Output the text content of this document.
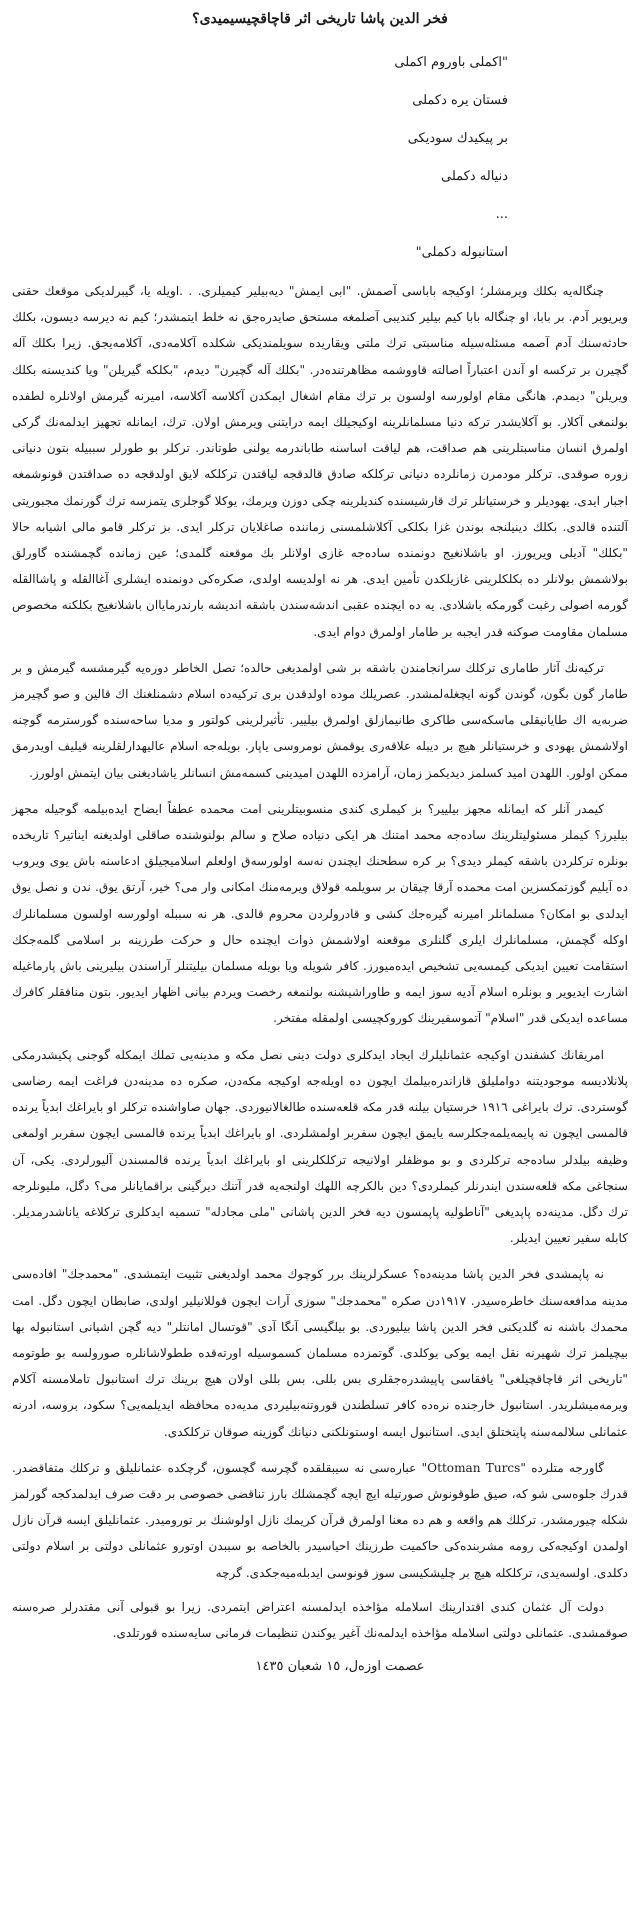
فخر الدين پاشا تاريخى اثر قاچاقچيسيميدى؟
"اكملى باوروم اكملى
فستان يره دكملى
بر پيكيدك سوديكى
دنياله دكملى
...
استانبوله دكملى"

چنگاله‌يه بكلك ويرمشلر؛ اوكيجه باباسى آصمش. "ابى ايمش" ديه‌بيلير كيميلرى. . .اويله يا، گيبرلديكى موقعك حقنى ويريوير آدم. بر بابا، او چنگاله بابا كيم بيلير كنديبى آصلمغه مستحق صايدره‌جق نه خلط ايتمشدر؛ كيم نه ديرسه ديسون، بكلك حادثه‌سنك آدم آصمه مسئله‌سيله مناسبتى ترك ملتى ويقاريده سويلمنديكى شكلده آكلامه‌دى، آكلامه‌يجق. زيرا بكلك آله گچيرن بر تركسه او آندن اعتباراً اصالته قاووشمه مظاهرتنده‌در. "بكلك آله گچيرن" ديدم، "بكلكه گيريلن" ويا كنديسنه بكلك ويريلن" ديمدم. هانگى مقام اولورسه اولسون بر ترك مقام اشغال ايمكدن آكلاسه آكلاسه، اميرنه گيرمش اولانلره لطفده بولنمغى آكلار. بو آكلايشدر تركه دنيا مسلمانلرينه اوكيجيلك ايمه درايتنى ويرمش اولان. ترك، ايمانله تجهيز ايدلمه‌نك گركى اولمرق انسان مناسبتلرينى هم صداقت، هم لياقت اساسنه طاباندرمه يولنى طوتاندر. تركلر بو طورلر سببيله بتون دنيانى زوره صوقدى. تركلر مودمرن زمانلرده دنيانى تركلكه صادق قالدقجه لياقتدن تركلكه لايق اولدقجه ده صداقتدن قونوشمغه اجبار ايدى. يهوديلر و خرستيانلر ترك قارشيسنده كنديلرينه چكى دوزن ويرمك، يوكلا گوجلرى يتمزسه ترك گورنمك مجبوريتى آلتنده قالدى. بكلك دينيلنجه بوندن غزا بكلكى آكلاشلمسنى زماننده صاغلايان تركلر ايدى. بز تركلر قامو مالى اشيابه حالا "بكلك" آديلى ويريورز. او باشلانغيج دونمنده ساده‌جه غازى اولانلر بك موقعنه گلمدى؛ عين زمانده گچمشنده گاورلق بولاشمش بولانلر ده بكلكلرينى غازيلكدن تأمين ايدى. هر نه اولديسه اولدى، صكره‌كى دونمنده ايشلرى آغاالقله و پاشاالقله گورمه اصولى رغبت گورمكه باشلادى. يه ده ايچنده عقبى اندشه‌سندن باشقه انديشه بارندرماياان باشلانغيج بكلكنه مخصوص مسلمان مقاومت صوكنه قدر ايجبه بر طامار اولمرق دوام ايدى.

تركيه‌نك آثار طامارى تركلك سرانجامندن باشقه بر شى اولمديغى حالده؛ تصل الخاطر دوره‌يه گيرمشسه گيرمش و بر طامار گون بگون، گوندن گونه ايچغله‌لمشدر. عصريلك موده اولدقدن برى تركيه‌ده اسلام دشمنلغنك اك قالين و صو گچيرمز ضربه‌يه اك طايانيقلى ماسكه‌سى طاكرى طانيمازلق اولمرق بيليير. تأثيرلرينى كولتور و مديا ساحه‌سنده گورسترمه گوچنه اولاشمش يهودى و خرستيانلر هيچ بر ديبله علاقه‌رى يوقمش نومروسى ياپار. بويله‌جه اسلام عاليهدارلقلرينه قيليف اويدرمق ممكن اولور. اللهدن اميد كسلمز ديديكمز زمان، آرامزده اللهدن اميدينى كسمه‌مش انسانلر ياشاديغنى بيان ايتمش اولورز.

كيمدر آنلر كه ايمانله مجهز بيليير؟ بز كيملرى كندى منسوبيتلرينى امت محمده عطفاً ايضاح ايده‌بيلمه گوجيله مجهز بيليرز؟ كيملر مسئوليتلرينك ساده‌جه محمد امتنك هر ايكى دنياده صلاح و سالم بولنوشنده صاقلى اولديغنه ايناتير؟ تاريخده بونلره تركلردن باشقه كيملر ديدى؟ بر كره سطحنك ايچندن نه‌سه اولورسه‌ق اولعلم اسلاميجيلق ادعاسنه باش يوى ويروب ده آيليم گوزتمكسزين امت محمده آرقا چيقان بر سويلمه قولاق ويرمه‌منك امكانى وار مى؟ خير، آرتق يوق. ندن و نصل يوق ايدلدى بو امكان؟ مسلمانلر اميرنه گيره‌جك كشى و قادرولردن محروم قالدى. هر نه سببله اولورسه اولسون مسلمانلرك اوكله گچمش، مسلمانلرك ايلرى گلنلرى موقعنه اولاشمش ذوات ايچنده حال و حركت طرزينه بر اسلامى گلمه‌جكك استقامت تعيين ايديكى كيمسه‌يى تشخيص ايده‌ميورز. كافر شويله ويا بويله مسلمان بيليتنلر آراسندن بيليرينى باش پارماغيله اشارت ايديوير و بونلره اسلام آديه سوز ايمه و طاوراشيشنه بولنمغه رخصت ويردم بيانى اظهار ايديور. بتون منافقلر كافرك مساعده ايديكى قدر "اسلام" آتموسفيرينك كوروكچيسى اولمقله مفتخر.

امريقانك كشفندن اوكيجه عثمانليلرك ايجاد ايدكلرى دولت دينى نصل مكه و مدينه‌يى تملك ايمكله گوجنى پكيشدرمكى پلانلاديسه موجوديتنه دوامليلق قازاندره‌بيلمك ايچون ده اويله‌جه اوكيجه مكه‌دن، صكره ده مدينه‌دن فراغت ايمه رضاسى گوستردى. ترك بايراغى ١٩١٦ خرستيان بيلنه قدر مكه قلعه‌سنده طالغالانيوردى. جهان صاواشنده تركلر او بايراغك ابدياً يرنده قالمسى ايچون نه پايمه‌يلمه‌جكلرسه يايمق ايچون سفربر اولمشلردى. او بايراغك ابدياً يرنده قالمسى ايچون سفربر اولمغى وظيفه بيلدلر ساده‌جه تركلردى و بو موظفلر اولانيجه تركلكلرينى او بايراغك ابدياً يرنده قالمسندن آليورلردى. يكى، آن سنجاغى مكه قلعه‌سندن ايندرنلر كيملردى؟ دين بالكرچه اللهك اولنجه‌يه قدر آتنك ديرگينى براقمايانلر مى؟ دگل، مليونلرجه ترك دگل. مدينه‌ده پاپديغى "آناطوليه پاپمسون ديه فخر الدين پاشانى "ملى مجادله" تسميه ايدكلرى تركلاغه ياناشدرمديلر. كابله سفير تعيين ايديلر.

نه پاپمشدى فخر الدين پاشا مدينه‌ده؟ عسكرلرينك برر كوچوك محمد اولديغنى تثبيت ايتمشدى. "محمدجك" افاده‌سى مدينه مدافعه‌سنك خاطره‌سيدر. ١٩١٧دن صكره "محمدجك" سوزى آرات ايچون قوللانيلير اولدى، ضابطان ايچون دگل. امت محمدك باشنه نه گلديكنى فخر الدين پاشا بيليوردى. بو بيلگيسى آنگا آدى "قوتسال امانتلر" ديه گچن اشيانى استانبوله بها بيچيلمز ترك شهيرنه نقل ايمه يوكى يوكلدى. گوتمزده مسلمان كسموسيله اورته‌قده ططولاشانلره صورولسه بو طوتومه "تاريخى اثر قاچاقچيلغى" يافقاسى پاپيشدره‌جقلرى بس بللى. بس بللى اولان هيچ برينك ترك استانبول تاملامسنه آكلام ويرمه‌ميشلريدر. استانبول خارجنده نره‌ده كافر تسلطندن قوروتنه‌بيليردى مديه‌ده محافظه ايديلمه‌يى؟ سكود، بروسه، ادرنه عثمانلى سلالمه‌سنه پايتختلق ايدى. استانبول ايسه اوستونلكنى دنيانك گوزينه صوقان تركلكدى.

گاورجه متلرده "Ottoman Turcs" عباره‌سى نه سيبقلقده گچرسه گچسون، گرچكده عثمانليلق و تركلك متفاقضدر. قدرك جلوه‌سى شو كه، صيق طوقونوش صورتيله ايچ ايچه گچمشلك بارز تناقضى خصوصى بر دقت صرف ايدلمدكجه گورلمز شكله چيورمشدر. تركلك هم واقعه و هم ده معنا اولمرق قرآن كريمك نازل اولوشنك بر توروميدر. عثمانليلق ايسه قرآن نازل اولمدن اوكيجه‌كى رومه مشربنده‌كى حاكميت طرزينك احياسيدر بالخاصه بو سببدن اوتورو عثمانلى دولتى بر اسلام دولتى دكلدى. اولسه‌يدى، تركلكله هيچ بر چليشكيسى سوز قونوسى ايدبله‌ميه‌جكدى. گرچه

دولت آل عثمان كندى اقتدارينك اسلامله مؤاخذه ايدلمسنه اعتراض ايتمردى. زيرا بو قبولى آنى مقتدرلر صره‌سنه صوقمشدى. عثمانلى دولتى اسلامله مؤاخذه ايدلمه‌نك آغير يوكندن تنظيمات فرمانى سايه‌سنده قورتلدى.

عصمت اوزەل، ١٥ شعبان ١٤٣٥
